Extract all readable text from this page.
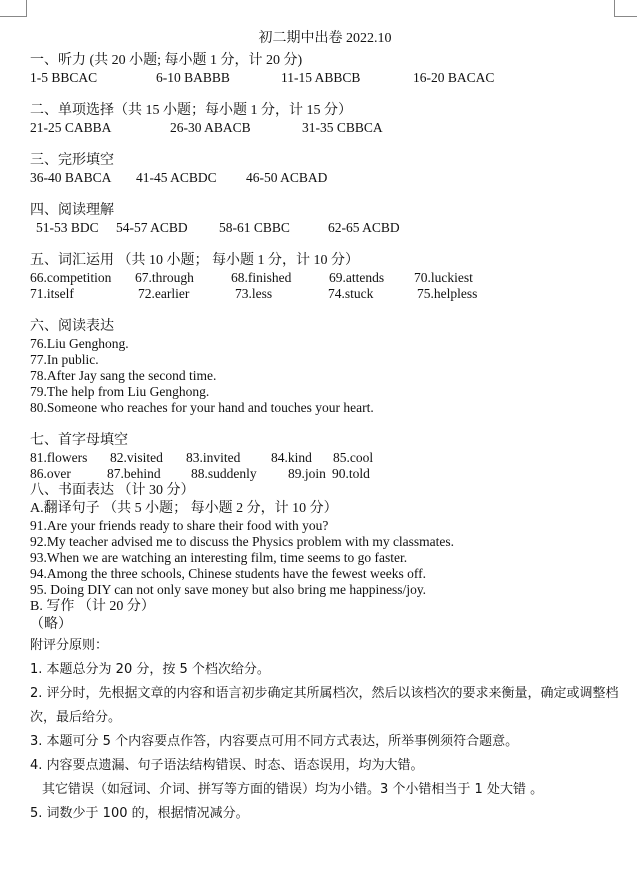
初二期中出卷 2022.10
一、听力 (共 20 小题; 每小题 1 分，计 20 分)
1-5 BBCAC	6-10 BABBB	11-15 ABBCB	16-20 BACAC
二、单项选择（共 15 小题；每小题 1 分，计 15 分）
21-25 CABBA	26-30 ABACB	31-35 CBBCA
三、完形填空
36-40 BABCA 41-45 ACBDC 46-50 ACBAD
四、阅读理解
51-53 BDC 54-57 ACBD 58-61 CBBC	62-65 ACBD
五、词汇运用 （共 10 小题； 每小题 1 分，计 10 分）
66.competition 67.through	68.finished	69.attends 70.luckiest
71.itself	72.earlier	73.less	74.stuck	75.helpless
六、阅读表达
76.Liu Genghong.
77.In public.
78.After Jay sang the second time.
79.The help from Liu Genghong.
80.Someone who reaches for your hand and touches your heart.
七、首字母填空
81.flowers 82.visited 83.invited 84.kind 85.cool
86.over	87.behind 88.suddenly 89.join 90.told
八、书面表达 （计 30 分）
A.翻译句子 （共 5 小题； 每小题 2 分，计 10 分）
91.Are your friends ready to share their food with you?
92.My teacher advised me to discuss the Physics problem with my classmates.
93.When we are watching an interesting film, time seems to go faster.
94.Among the three schools, Chinese students have the fewest weeks off.
95. Doing DIY can not only save money but also bring me happiness/joy.
B. 写作 （计 20 分）
（略）
附评分原则：
1. 本题总分为 20 分，按 5 个档次给分。
2. 评分时，先根据文章的内容和语言初步确定其所属档次，然后以该档次的要求来衡量，确定或调整档次，最后给分。
3. 本题可分 5 个内容要点作答，内容要点可用不同方式表达，所举事例须符合题意。
4. 内容要点遗漏、句子语法结构错误、时态、语态误用，均为大错。
其它错误（如冠词、介词、拼写等方面的错误）均为小错。3 个小错相当于 1 处大错 。
5. 词数少于 100 的，根据情况减分。
